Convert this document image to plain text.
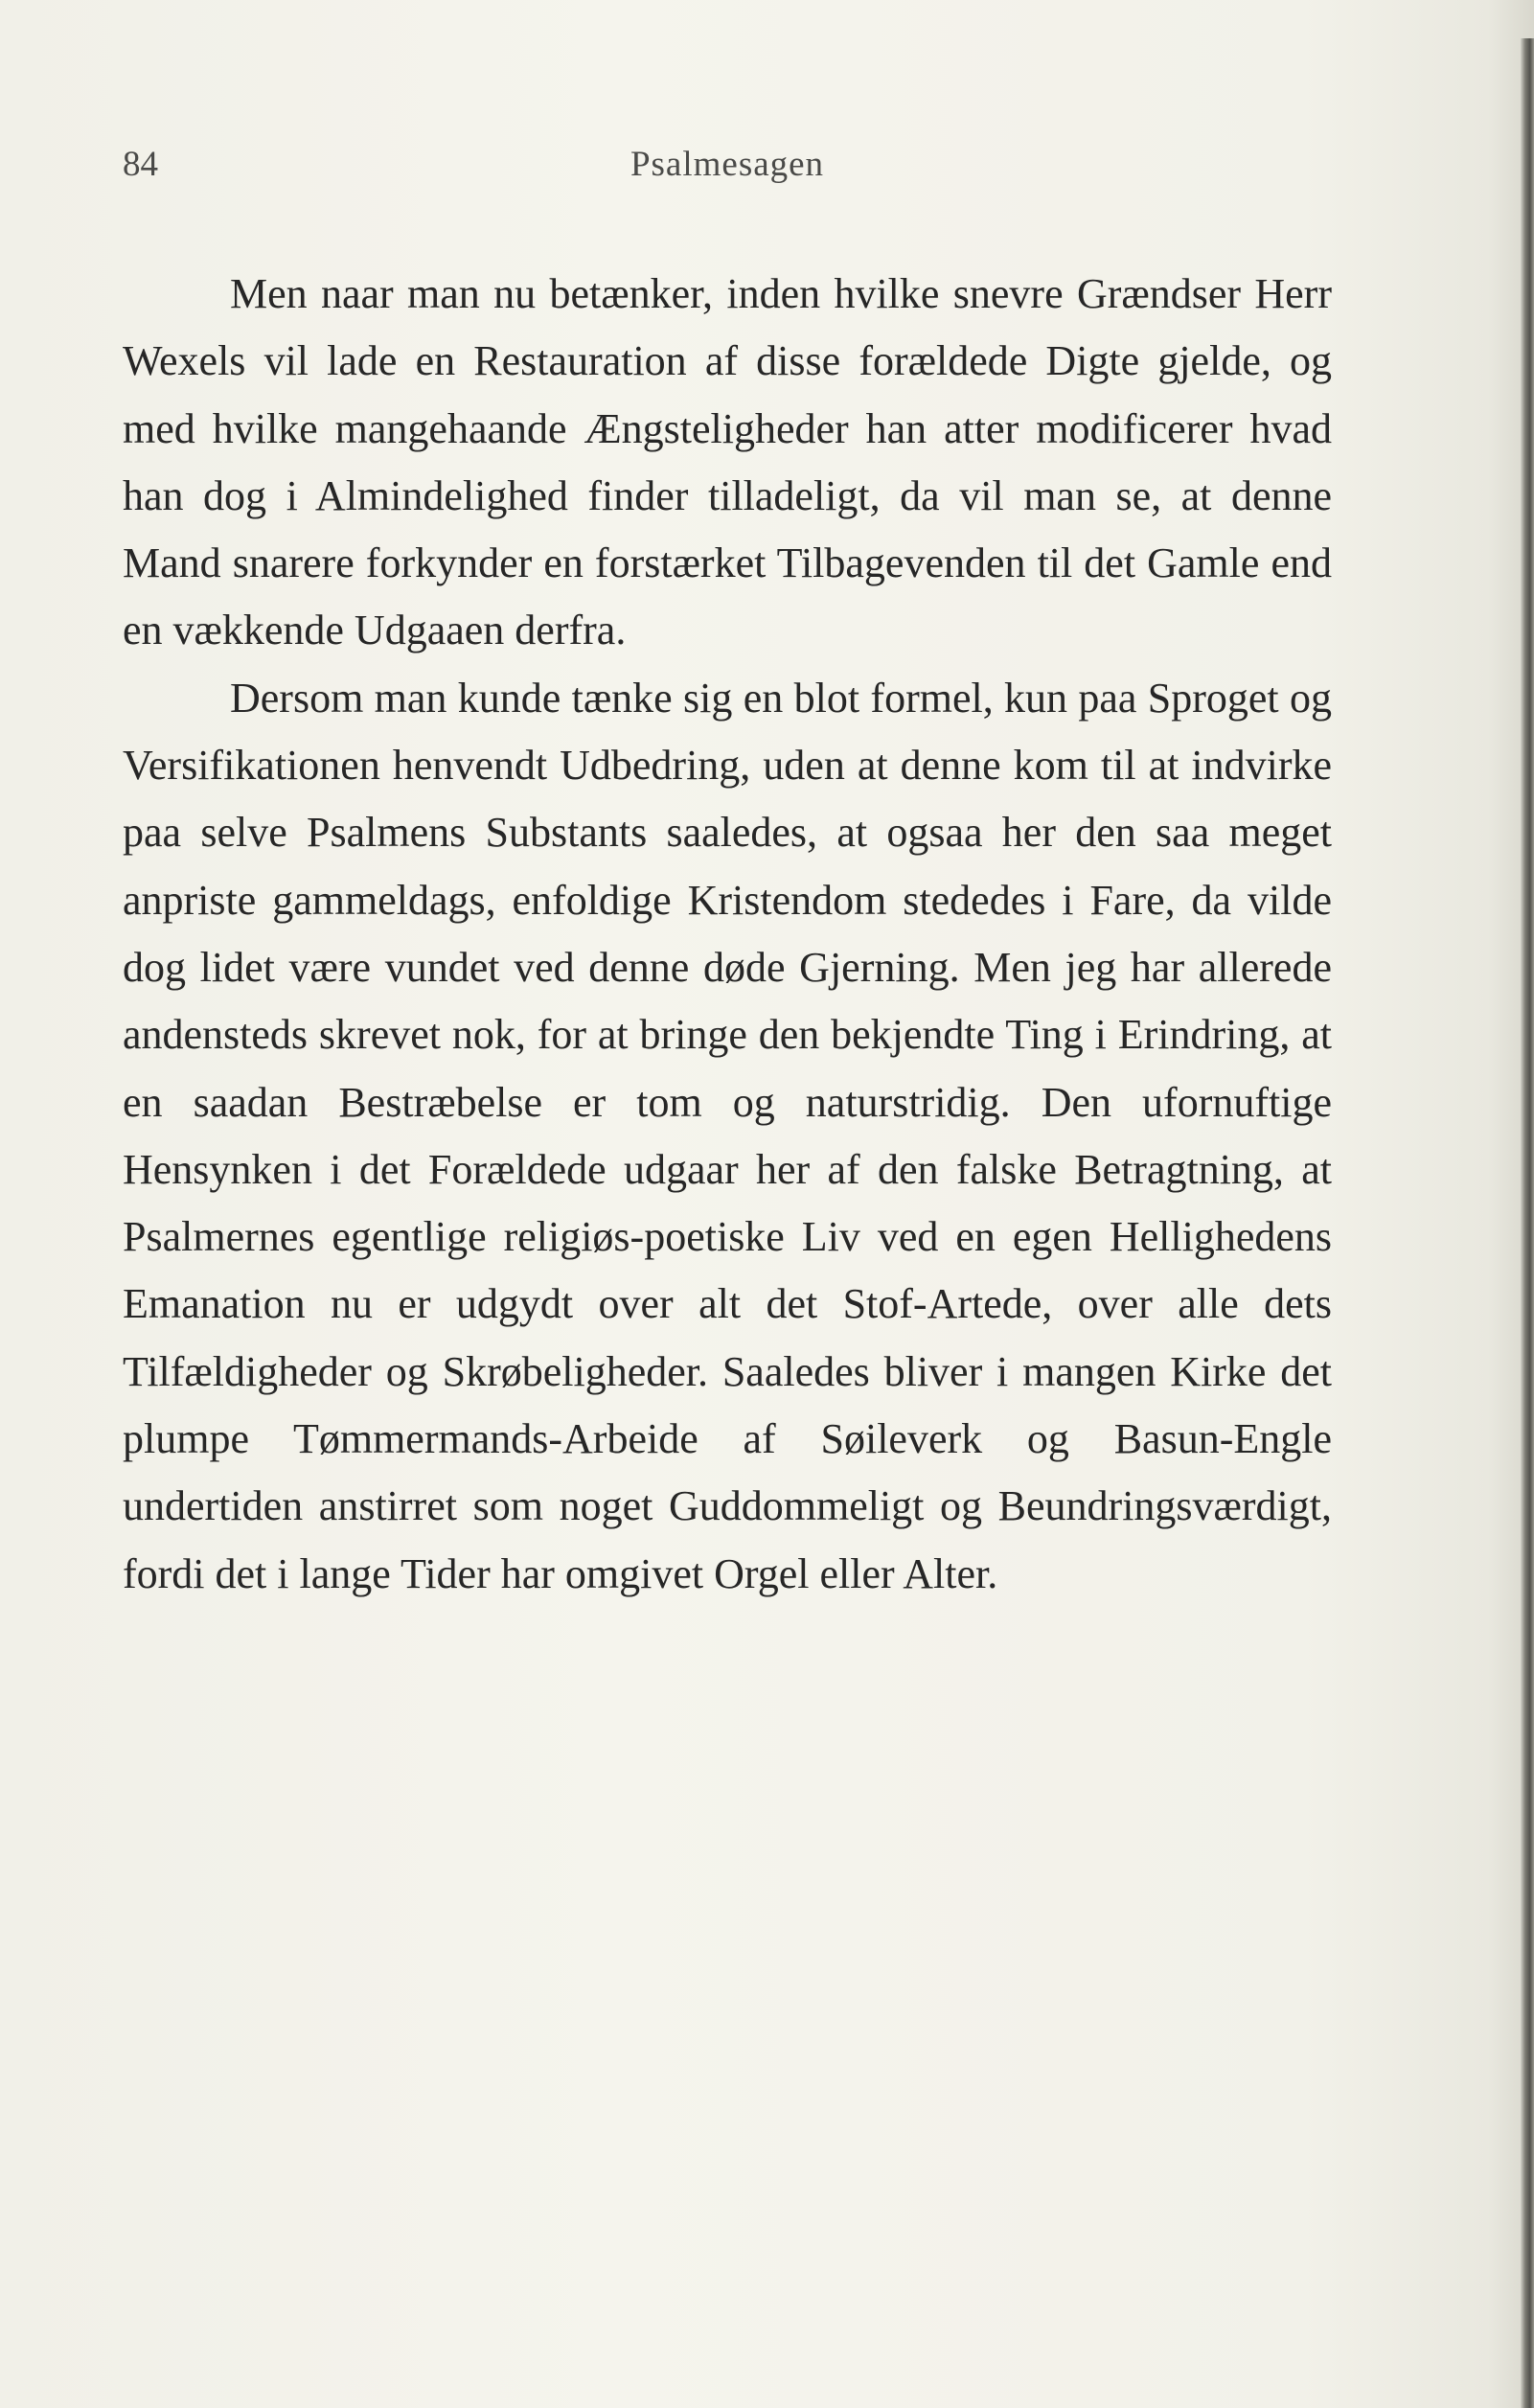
84	Psalmesagen

Men naar man nu betænker, inden hvilke snevre Grændser Herr Wexels vil lade en Restauration af disse forældede Digte gjelde, og med hvilke mangehaande Ængsteligheder han atter modificerer hvad han dog i Almindelighed finder tilladeligt, da vil man se, at denne Mand snarere forkynder en forstærket Tilbagevenden til det Gamle end en vækkende Udgaaen derfra.

Dersom man kunde tænke sig en blot formel, kun paa Sproget og Versifikationen henvendt Udbedring, uden at denne kom til at indvirke paa selve Psalmens Substants saaledes, at ogsaa her den saa meget anpriste gammeldags, enfoldige Kristendom stededes i Fare, da vilde dog lidet være vundet ved denne døde Gjerning. Men jeg har allerede andensteds skrevet nok, for at bringe den bekjendte Ting i Erindring, at en saadan Bestræbelse er tom og naturstridig. Den ufornuftige Hensynken i det Forældede udgaar her af den falske Betragtning, at Psalmernes egentlige religiøs-poetiske Liv ved en egen Hellighedens Emanation nu er udgydt over alt det Stof-Artede, over alle dets Tilfældigheder og Skrøbeligheder. Saaledes bliver i mangen Kirke det plumpe Tømmermands-Arbeide af Søileverk og Basun-Engle undertiden anstirret som noget Guddommeligt og Beundringsværdigt, fordi det i lange Tider har omgivet Orgel eller Alter.
